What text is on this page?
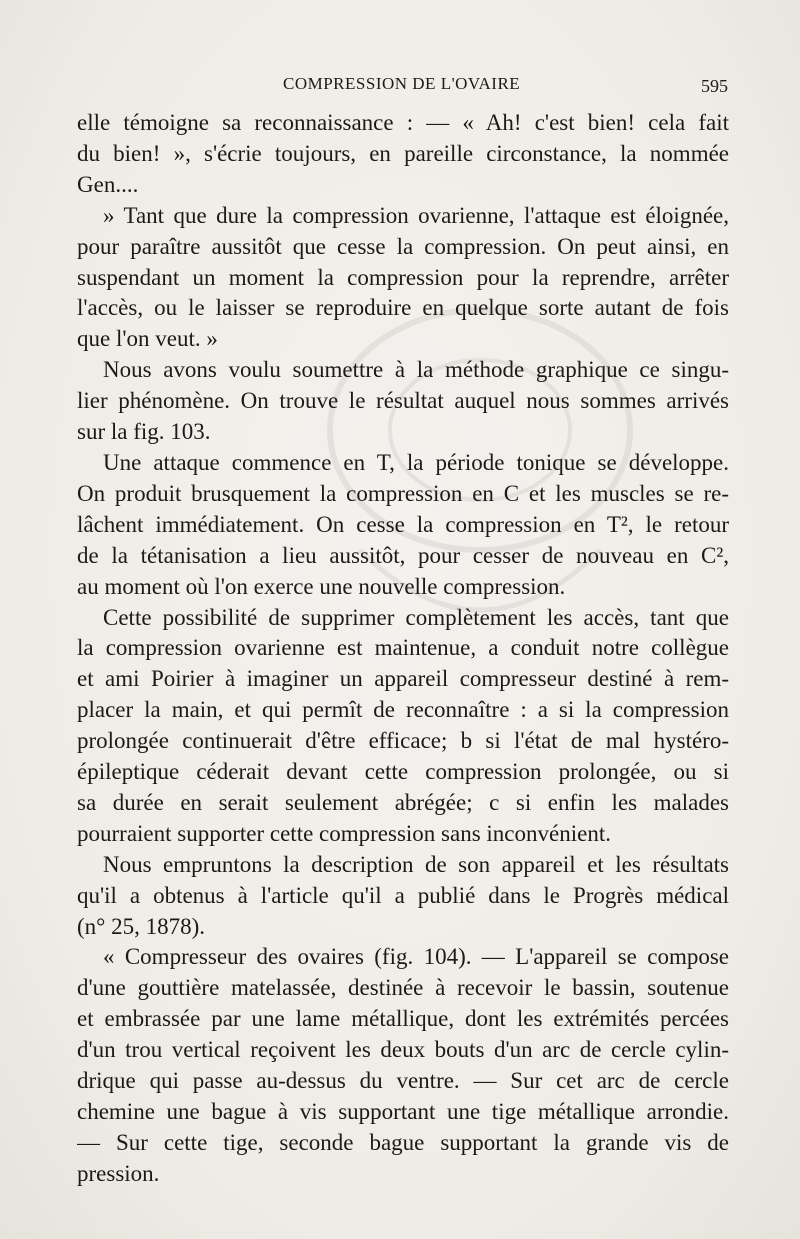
COMPRESSION DE L'OVAIRE	595
elle témoigne sa reconnaissance : — « Ah! c'est bien! cela fait
du bien! », s'écrie toujours, en pareille circonstance, la nommée
Gen....
» Tant que dure la compression ovarienne, l'attaque est éloignée,
pour paraître aussitôt que cesse la compression. On peut ainsi, en
suspendant un moment la compression pour la reprendre, arrêter
l'accès, ou le laisser se reproduire en quelque sorte autant de fois
que l'on veut. »
Nous avons voulu soumettre à la méthode graphique ce singu-
lier phénomène. On trouve le résultat auquel nous sommes arrivés
sur la fig. 103.
Une attaque commence en T, la période tonique se développe.
On produit brusquement la compression en C et les muscles se re-
lâchent immédiatement. On cesse la compression en T², le retour
de la tétanisation a lieu aussitôt, pour cesser de nouveau en C²,
au moment où l'on exerce une nouvelle compression.
Cette possibilité de supprimer complètement les accès, tant que
la compression ovarienne est maintenue, a conduit notre collègue
et ami Poirier à imaginer un appareil compresseur destiné à rem-
placer la main, et qui permît de reconnaître : a si la compression
prolongée continuerait d'être efficace; b si l'état de mal hystéro-
épileptique céderait devant cette compression prolongée, ou si
sa durée en serait seulement abrégée; c si enfin les malades
pourraient supporter cette compression sans inconvénient.
Nous empruntons la description de son appareil et les résultats
qu'il a obtenus à l'article qu'il a publié dans le Progrès médical
(n° 25, 1878).
« Compresseur des ovaires (fig. 104). — L'appareil se compose
d'une gouttière matelassée, destinée à recevoir le bassin, soutenue
et embrassée par une lame métallique, dont les extrémités percées
d'un trou vertical reçoivent les deux bouts d'un arc de cercle cylin-
drique qui passe au-dessus du ventre. — Sur cet arc de cercle
chemine une bague à vis supportant une tige métallique arrondie.
— Sur cette tige, seconde bague supportant la grande vis de
pression.
